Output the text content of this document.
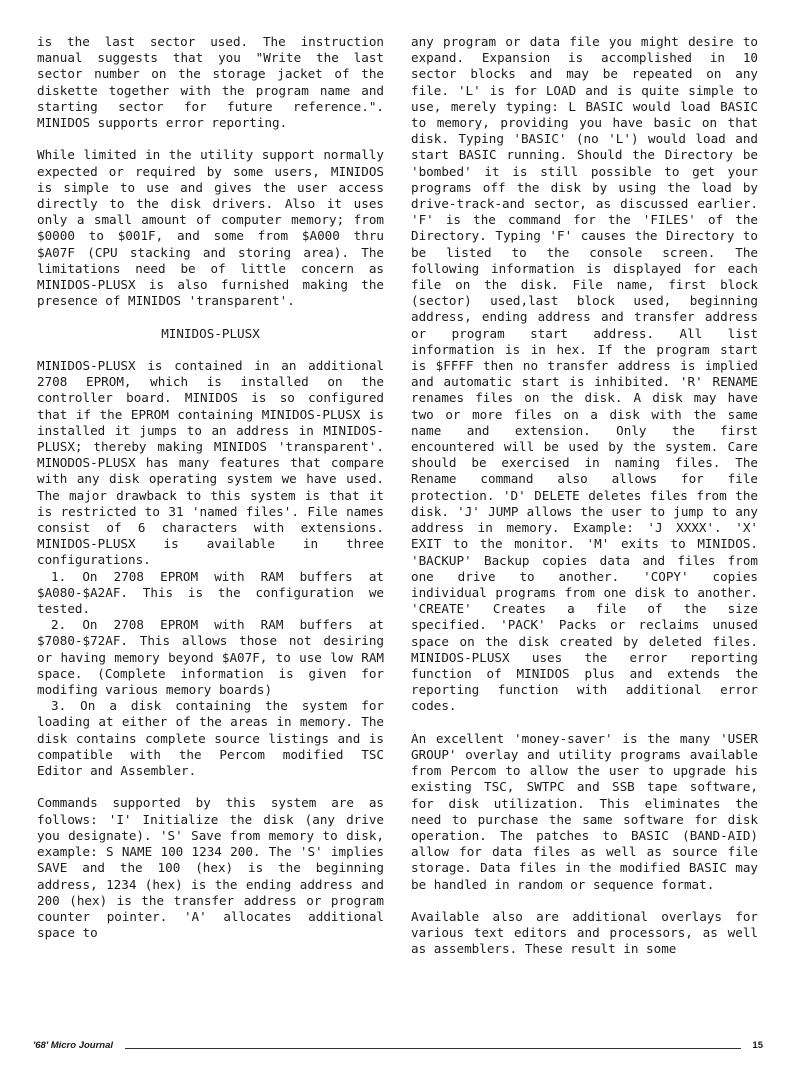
is the last sector used. The instruction manual suggests that you "Write the last sector number on the storage jacket of the diskette together with the program name and starting sector for future reference.". MINIDOS supports error reporting.

While limited in the utility support normally expected or required by some users, MINIDOS is simple to use and gives the user access directly to the disk drivers. Also it uses only a small amount of computer memory; from $0000 to $001F, and some from $A000 thru $A07F (CPU stacking and storing area). The limitations need be of little concern as MINIDOS-PLUSX is also furnished making the presence of MINIDOS 'transparent'.

MINIDOS-PLUSX

MINIDOS-PLUSX is contained in an additional 2708 EPROM, which is installed on the controller board. MINIDOS is so configured that if the EPROM containing MINIDOS-PLUSX is installed it jumps to an address in MINIDOS-PLUSX; thereby making MINIDOS 'transparent'. MINODOS-PLUSX has many features that compare with any disk operating system we have used. The major drawback to this system is that it is restricted to 31 'named files'. File names consist of 6 characters with extensions. MINIDOS-PLUSX is available in three configurations.

1. On 2708 EPROM with RAM buffers at $A080-$A2AF. This is the configuration we tested.

2. On 2708 EPROM with RAM buffers at $7080-$72AF. This allows those not desiring or having memory beyond $A07F, to use low RAM space. (Complete information is given for modifing various memory boards)

3. On a disk containing the system for loading at either of the areas in memory. The disk contains complete source listings and is compatible with the Percom modified TSC Editor and Assembler.

Commands supported by this system are as follows: 'I' Initialize the disk (any drive you designate). 'S' Save from memory to disk, example: S NAME 100 1234 200. The 'S' implies SAVE and the 100 (hex) is the beginning address, 1234 (hex) is the ending address and 200 (hex) is the transfer address or program counter pointer. 'A' allocates additional space to

any program or data file you might desire to expand. Expansion is accomplished in 10 sector blocks and may be repeated on any file. 'L' is for LOAD and is quite simple to use, merely typing: L BASIC would load BASIC to memory, providing you have basic on that disk. Typing 'BASIC' (no 'L') would load and start BASIC running. Should the Directory be 'bombed' it is still possible to get your programs off the disk by using the load by drive-track-and sector, as discussed earlier. 'F' is the command for the 'FILES' of the Directory. Typing 'F' causes the Directory to be listed to the console screen. The following information is displayed for each file on the disk. File name, first block (sector) used,last block used, beginning address, ending address and transfer address or program start address. All list information is in hex. If the program start is $FFFF then no transfer address is implied and automatic start is inhibited. 'R' RENAME renames files on the disk. A disk may have two or more files on a disk with the same name and extension. Only the first encountered will be used by the system. Care should be exercised in naming files. The Rename command also allows for file protection. 'D' DELETE deletes files from the disk. 'J' JUMP allows the user to jump to any address in memory. Example: 'J XXXX'. 'X' EXIT to the monitor. 'M' exits to MINIDOS. 'BACKUP' Backup copies data and files from one drive to another. 'COPY' copies individual programs from one disk to another. 'CREATE' Creates a file of the size specified. 'PACK' Packs or reclaims unused space on the disk created by deleted files. MINIDOS-PLUSX uses the error reporting function of MINIDOS plus and extends the reporting function with additional error codes.

An excellent 'money-saver' is the many 'USER GROUP' overlay and utility programs available from Percom to allow the user to upgrade his existing TSC, SWTPC and SSB tape software, for disk utilization. This eliminates the need to purchase the same software for disk operation. The patches to BASIC (BAND-AID) allow for data files as well as source file storage. Data files in the modified BASIC may be handled in random or sequence format.

Available also are additional overlays for various text editors and processors, as well as assemblers. These result in some

'68' Micro Journal	15
